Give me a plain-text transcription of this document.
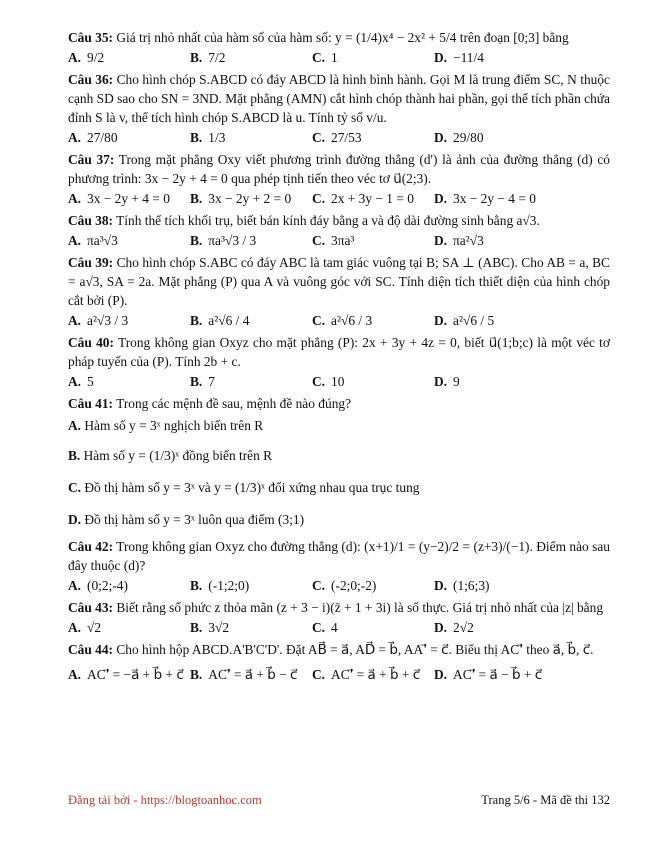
Câu 35: Giá trị nhỏ nhất của hàm số của hàm số: y = (1/4)x⁴ − 2x² + 5/4 trên đoạn [0;3] bằng

A. 9/2	B. 7/2	C. 1	D. −11/4

Câu 36: Cho hình chóp S.ABCD có đáy ABCD là hình bình hành. Gọi M là trung điểm SC, N thuộc cạnh SD sao cho SN = 3ND. Mặt phẳng (AMN) cắt hình chóp thành hai phần, gọi thể tích phần chứa đỉnh S là v, thể tích hình chóp S.ABCD là u. Tính tỷ số v/u.

A. 27/80	B. 1/3	C. 27/53	D. 29/80

Câu 37: Trong mặt phẳng Oxy viết phương trình đường thẳng (d') là ảnh của đường thẳng (d) có phương trình: 3x − 2y + 4 = 0 qua phép tịnh tiến theo véc tơ u⃗(2;3).

A. 3x − 2y + 4 = 0	B. 3x − 2y + 2 = 0	C. 2x + 3y − 1 = 0	D. 3x − 2y − 4 = 0

Câu 38: Tính thể tích khối trụ, biết bán kính đáy bằng a và độ dài đường sinh bằng a√3.

A. πa³√3	B. πa³√3 / 3	C. 3πa³	D. πa²√3

Câu 39: Cho hình chóp S.ABC có đáy ABC là tam giác vuông tại B; SA ⊥ (ABC). Cho AB = a, BC = a√3, SA = 2a. Mặt phẳng (P) qua A và vuông góc với SC. Tính diện tích thiết diện của hình chóp cắt bởi (P).

A. a²√3 / 3	B. a²√6 / 4	C. a²√6 / 3	D. a²√6 / 5

Câu 40: Trong không gian Oxyz cho mặt phẳng (P): 2x + 3y + 4z = 0, biết u⃗(1;b;c) là một véc tơ pháp tuyến của (P). Tính 2b + c.

A. 5	B. 7	C. 10	D. 9

Câu 41: Trong các mệnh đề sau, mệnh đề nào đúng?

A. Hàm số y = 3ˣ nghịch biến trên R
B. Hàm số y = (1/3)ˣ đồng biến trên R
C. Đồ thị hàm số y = 3ˣ và y = (1/3)ˣ đối xứng nhau qua trục tung
D. Đồ thị hàm số y = 3ˣ luôn qua điểm (3;1)

Câu 42: Trong không gian Oxyz cho đường thẳng (d): (x+1)/1 = (y−2)/2 = (z+3)/(−1). Điểm nào sau đây thuộc (d)?

A. (0;2;-4)	B. (-1;2;0)	C. (-2;0;-2)	D. (1;6;3)

Câu 43: Biết rằng số phức z thỏa mãn (z + 3 − i)(z̄ + 1 + 3i) là số thực. Giá trị nhỏ nhất của |z| bằng

A. √2	B. 3√2	C. 4	D. 2√2

Câu 44: Cho hình hộp ABCD.A'B'C'D'. Đặt AB⃗ = a⃗, AD⃗ = b⃗, AA'⃗ = c⃗. Biểu thị AC'⃗ theo a⃗, b⃗, c⃗.

A. AC'⃗ = −a⃗ + b⃗ + c⃗ B. AC'⃗ = a⃗ + b⃗ − c⃗	C. AC'⃗ = a⃗ + b⃗ + c⃗	D. AC'⃗ = a⃗ − b⃗ + c⃗
Đăng tải bởi - https://blogtoanhoc.com	Trang 5/6 - Mã đề thi 132
